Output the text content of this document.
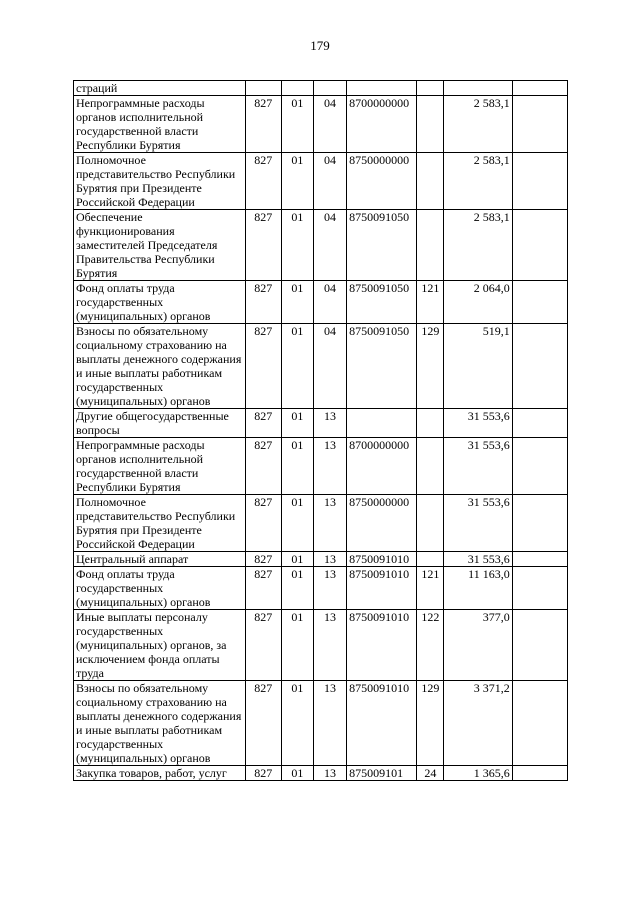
179
страций							
Непрограммные расходы органов исполнительной государственной власти Республики Бурятия	827	01	04	8700000000		2 583,1	
Полномочное представительство Республики Бурятия при Президенте Российской Федерации	827	01	04	8750000000		2 583,1	
Обеспечение функционирования заместителей Председателя Правительства Республики Бурятия	827	01	04	8750091050		2 583,1	
Фонд оплаты труда государственных (муниципальных) органов	827	01	04	8750091050	121	2 064,0	
Взносы по обязательному социальному страхованию на выплаты денежного содержания и иные выплаты работникам государственных (муниципальных) органов	827	01	04	8750091050	129	519,1	
Другие общегосударственные вопросы	827	01	13			31 553,6	
Непрограммные расходы органов исполнительной государственной власти Республики Бурятия	827	01	13	8700000000		31 553,6	
Полномочное представительство Республики Бурятия при Президенте Российской Федерации	827	01	13	8750000000		31 553,6	
Центральный аппарат	827	01	13	8750091010		31 553,6	
Фонд оплаты труда государственных (муниципальных) органов	827	01	13	8750091010	121	11 163,0	
Иные выплаты персоналу государственных (муниципальных) органов, за исключением фонда оплаты труда	827	01	13	8750091010	122	377,0	
Взносы по обязательному социальному страхованию на выплаты денежного содержания и иные выплаты работникам государственных (муниципальных) органов	827	01	13	8750091010	129	3 371,2	
Закупка товаров, работ, услуг	827	01	13	875009101	24	1 365,6	
